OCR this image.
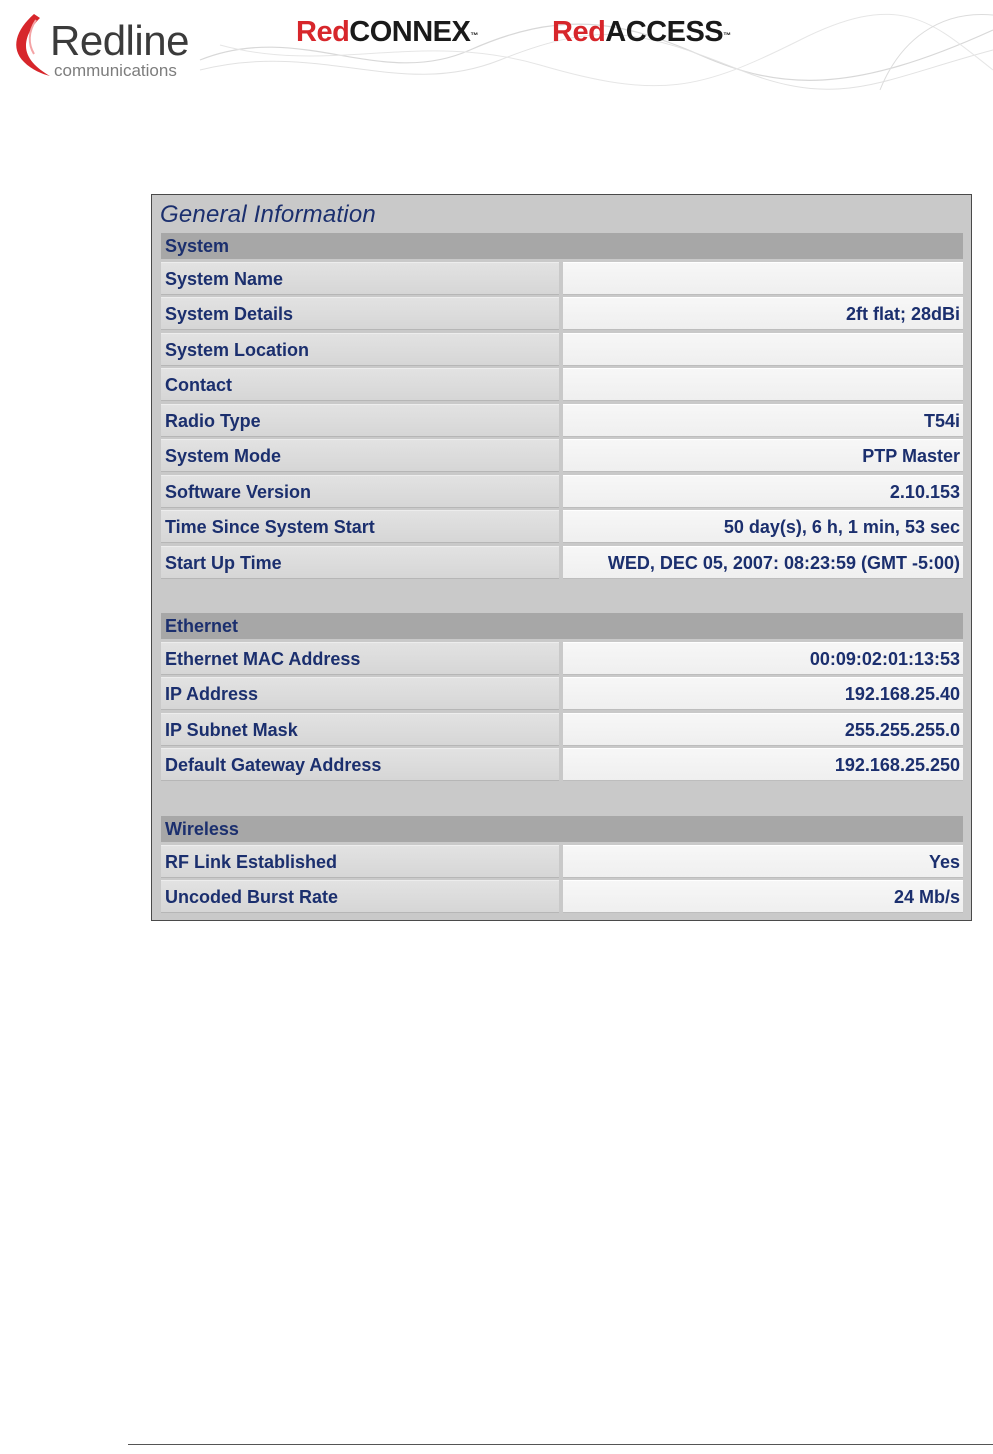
Redline
communications
RedCONNEX™	RedACCESS™
General Information
System
System Name
System Details	2ft flat; 28dBi
System Location
Contact
Radio Type	T54i
System Mode	PTP Master
Software Version	2.10.153
Time Since System Start	50 day(s), 6 h, 1 min, 53 sec
Start Up Time	WED, DEC 05, 2007: 08:23:59 (GMT -5:00)
Ethernet
Ethernet MAC Address	00:09:02:01:13:53
IP Address	192.168.25.40
IP Subnet Mask	255.255.255.0
Default Gateway Address	192.168.25.250
Wireless
RF Link Established	Yes
Uncoded Burst Rate	24 Mb/s
